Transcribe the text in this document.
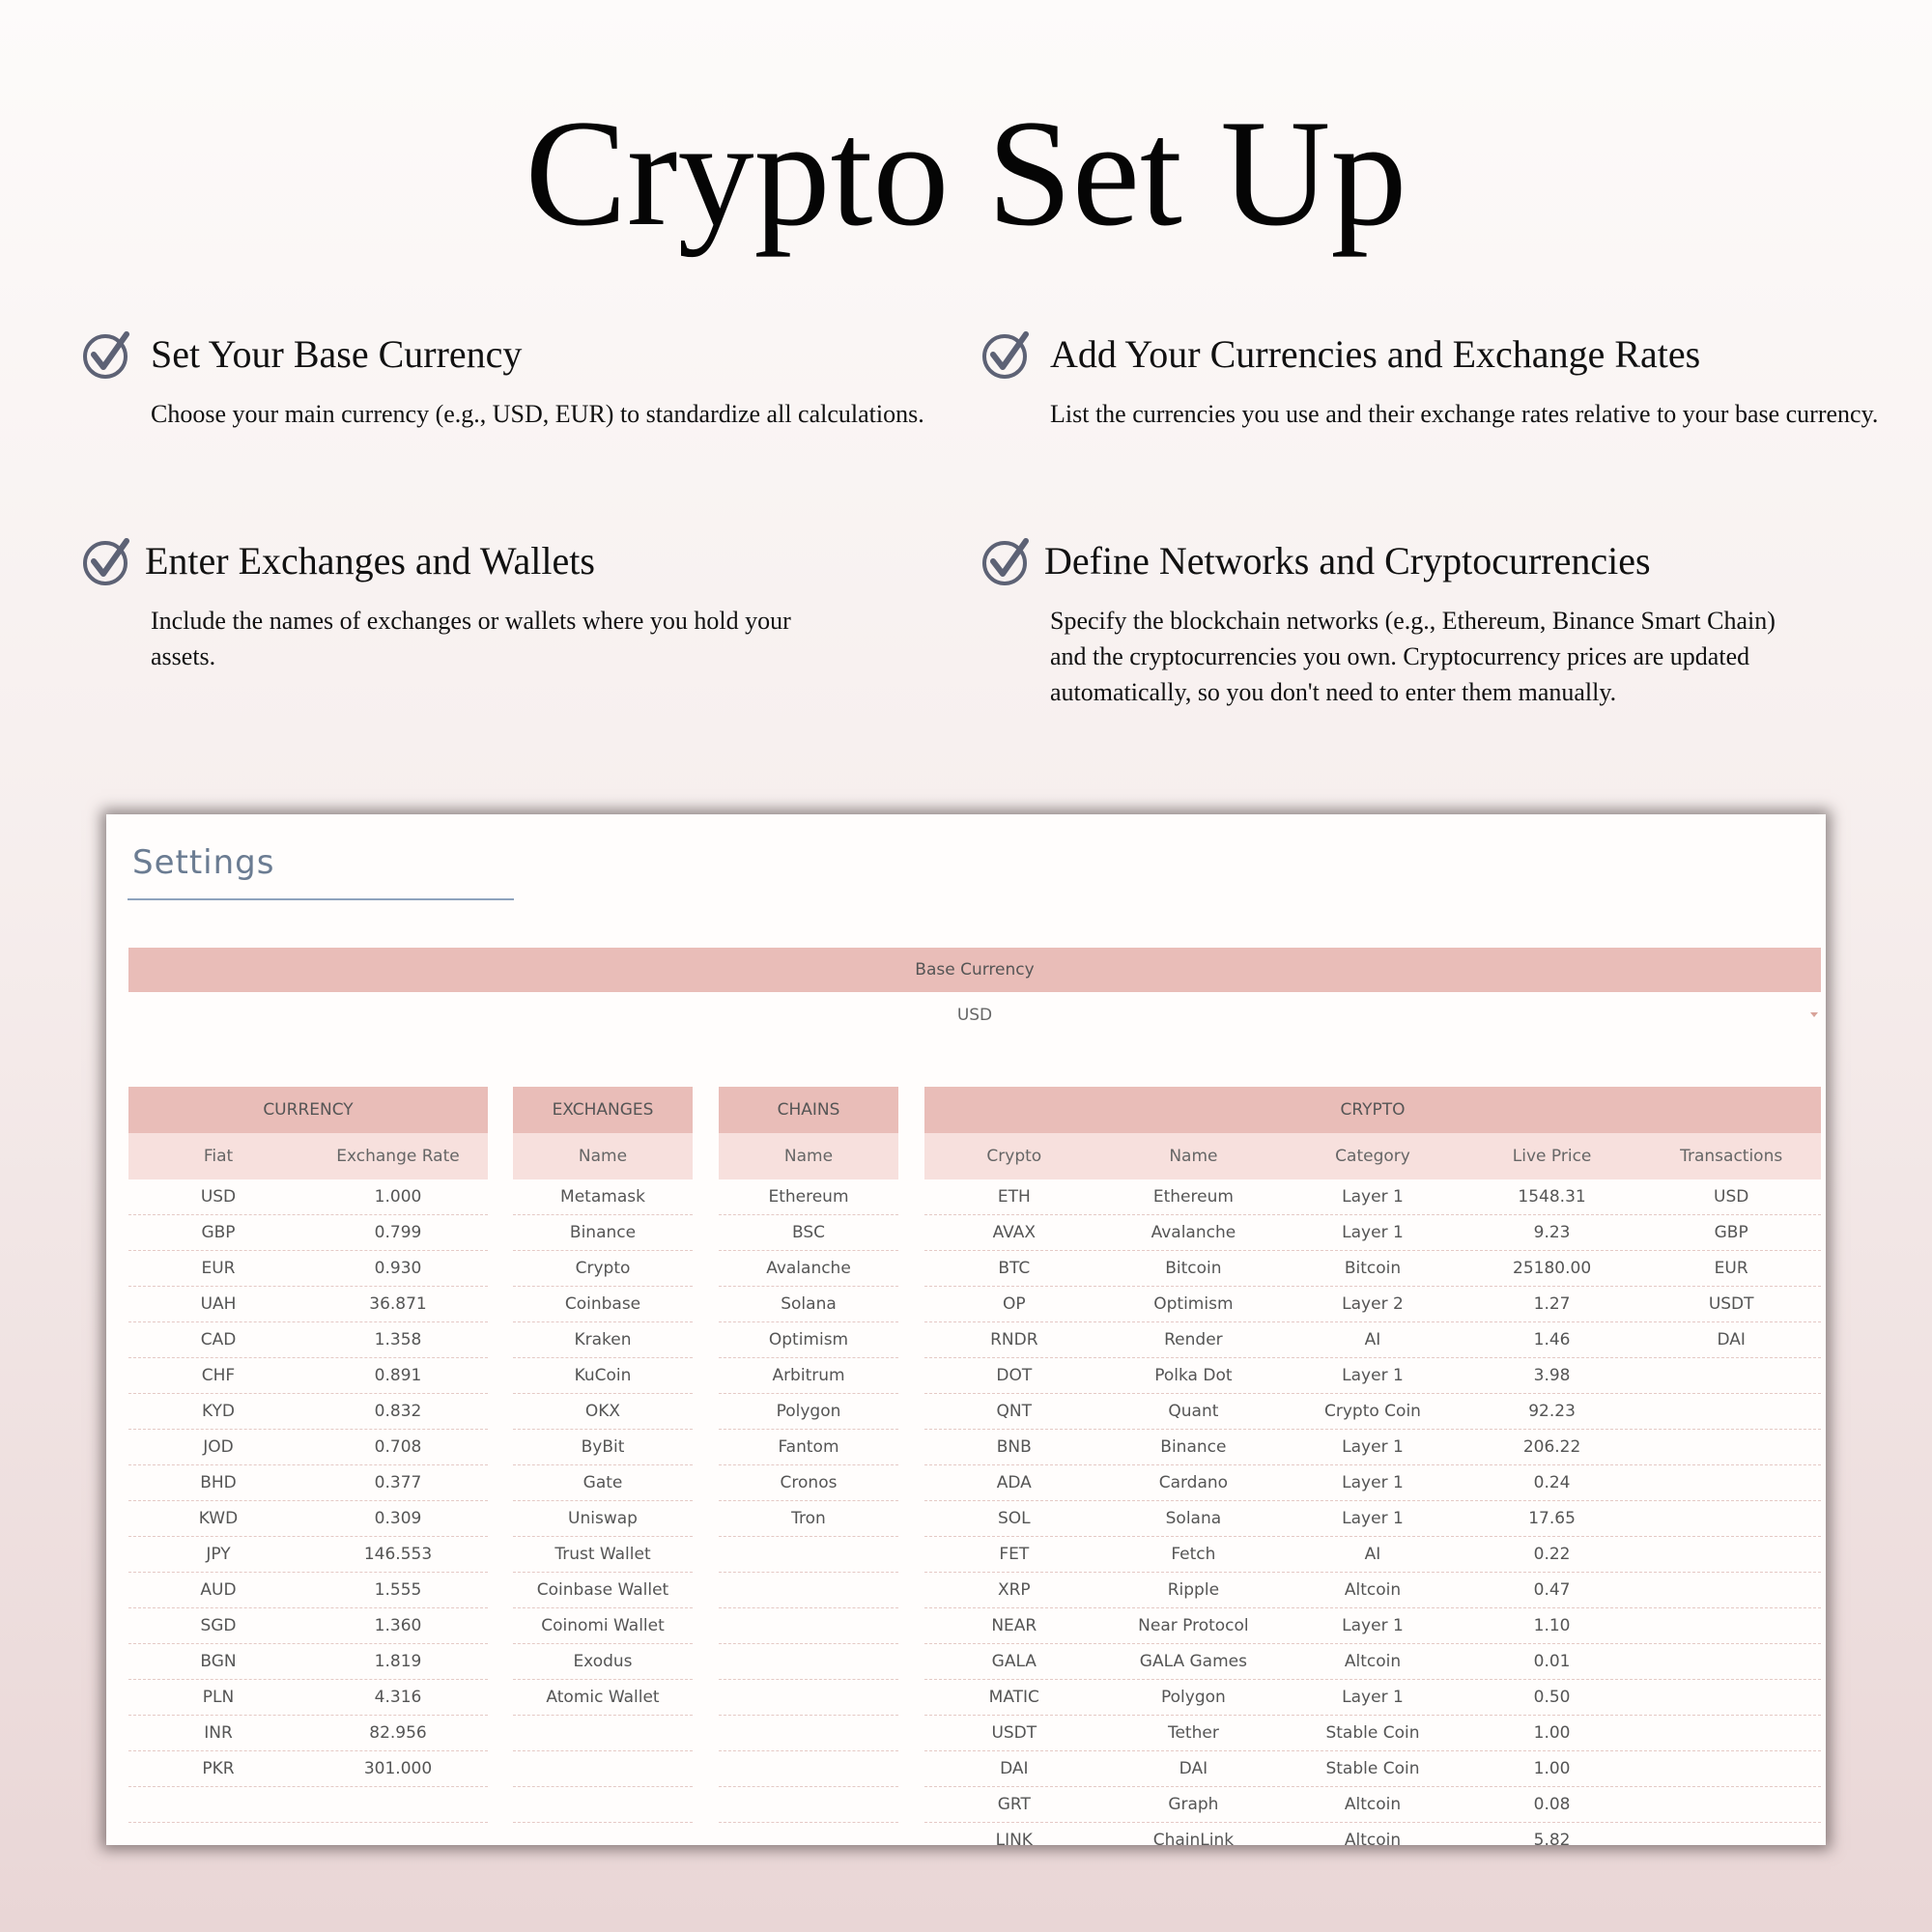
Crypto Set Up
Set Your Base Currency
Choose your main currency (e.g., USD, EUR) to standardize all calculations.
Add Your Currencies and Exchange Rates
List the currencies you use and their exchange rates relative to your base currency.
Enter Exchanges and Wallets
Include the names of exchanges or wallets where you hold your assets.
Define Networks and Cryptocurrencies
Specify the blockchain networks (e.g., Ethereum, Binance Smart Chain) and the cryptocurrencies you own. Cryptocurrency prices are updated automatically, so you don't need to enter them manually.
Settings
Base Currency
USD
CURRENCY
Fiat	Exchange Rate
USD	1.000
GBP	0.799
EUR	0.930
UAH	36.871
CAD	1.358
CHF	0.891
KYD	0.832
JOD	0.708
BHD	0.377
KWD	0.309
JPY	146.553
AUD	1.555
SGD	1.360
BGN	1.819
PLN	4.316
INR	82.956
PKR	301.000
EXCHANGES
Name
Metamask
Binance
Crypto
Coinbase
Kraken
KuCoin
OKX
ByBit
Gate
Uniswap
Trust Wallet
Coinbase Wallet
Coinomi Wallet
Exodus
Atomic Wallet
CHAINS
Name
Ethereum
BSC
Avalanche
Solana
Optimism
Arbitrum
Polygon
Fantom
Cronos
Tron
CRYPTO
Crypto	Name	Category	Live Price	Transactions
ETH	Ethereum	Layer 1	1548.31	USD
AVAX	Avalanche	Layer 1	9.23	GBP
BTC	Bitcoin	Bitcoin	25180.00	EUR
OP	Optimism	Layer 2	1.27	USDT
RNDR	Render	AI	1.46	DAI
DOT	Polka Dot	Layer 1	3.98
QNT	Quant	Crypto Coin	92.23
BNB	Binance	Layer 1	206.22
ADA	Cardano	Layer 1	0.24
SOL	Solana	Layer 1	17.65
FET	Fetch	AI	0.22
XRP	Ripple	Altcoin	0.47
NEAR	Near Protocol	Layer 1	1.10
GALA	GALA Games	Altcoin	0.01
MATIC	Polygon	Layer 1	0.50
USDT	Tether	Stable Coin	1.00
DAI	DAI	Stable Coin	1.00
GRT	Graph	Altcoin	0.08
LINK	ChainLink	Altcoin	5.82
